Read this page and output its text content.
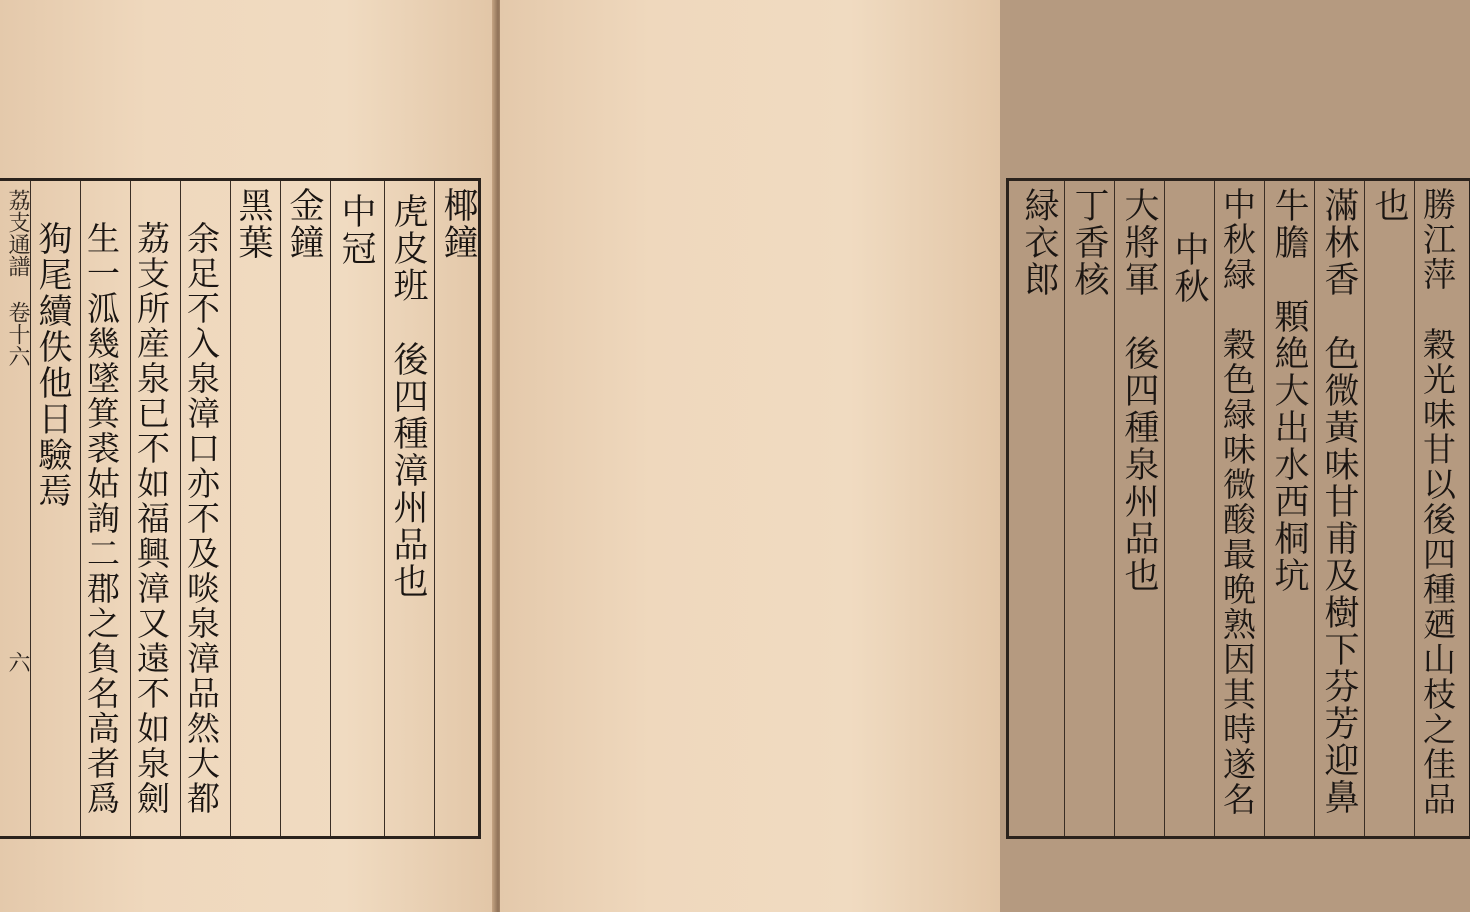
荔支通譜
卷十六
六
椰鐘
虎皮班　後四種漳州品也
中冠
金鐘
黑葉
余足不入泉漳口亦不及啖泉漳品然大都
荔支所産泉已不如福興漳又遠不如泉劍
生一泒幾墜箕裘姑詢二郡之負名高者爲
狗尾續佚他日驗焉	勝江萍　穀光味甘以後四種廼山枝之佳品
也
滿林香　色微黃味甘甫及樹下芬芳迎鼻
牛膽　顆絶大出水西桐坑
中秋緑　穀色緑味微酸最晩熟因其時遂名
中秋
大將軍　後四種泉州品也
丁香核
緑衣郎
